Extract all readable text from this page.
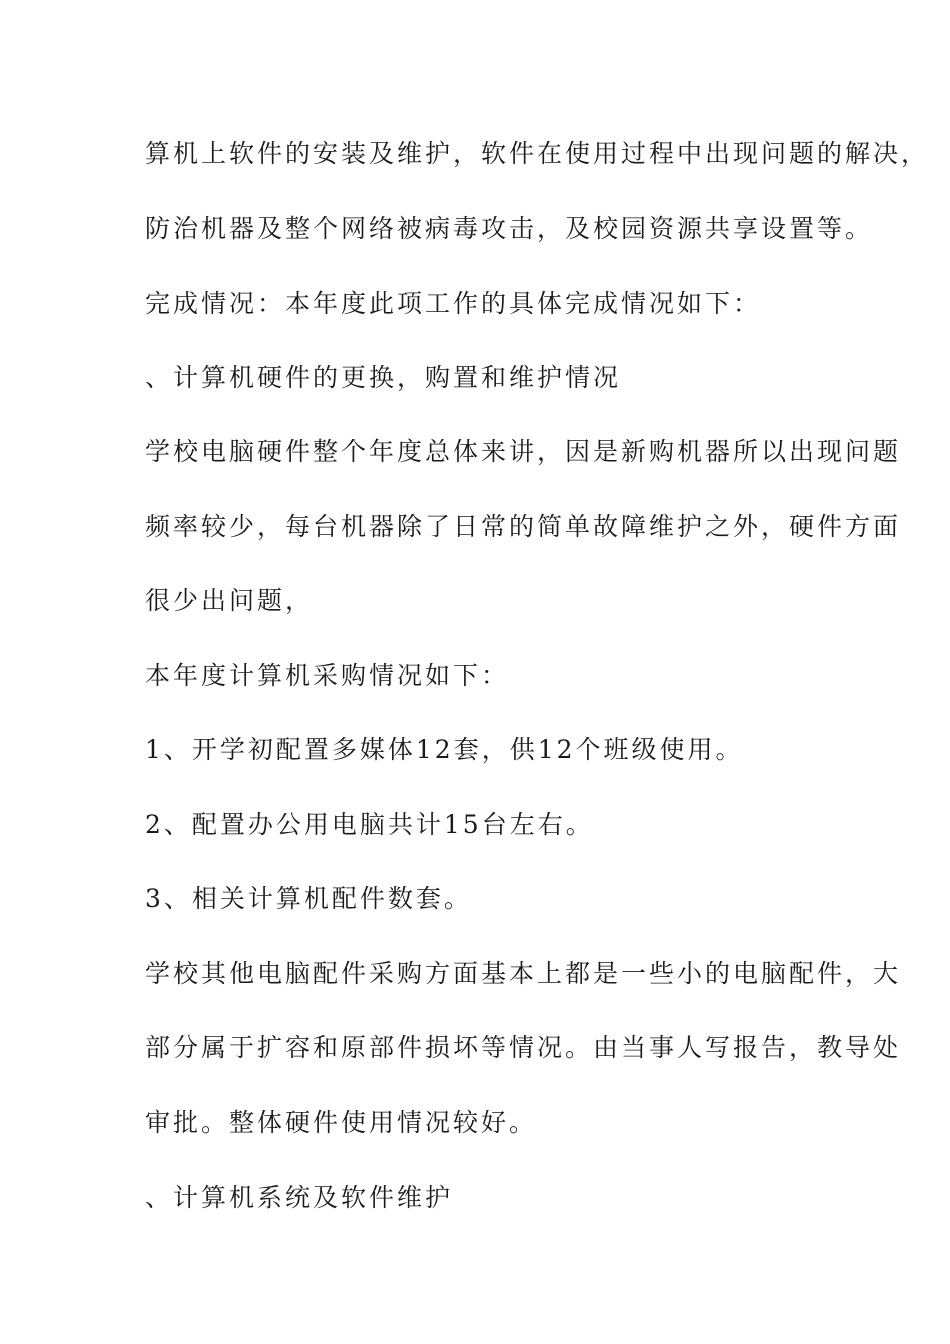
算机上软件的安装及维护，软件在使用过程中出现问题的解决，
防治机器及整个网络被病毒攻击，及校园资源共享设置等。
完成情况：本年度此项工作的具体完成情况如下：
、计算机硬件的更换，购置和维护情况
学校电脑硬件整个年度总体来讲，因是新购机器所以出现问题
频率较少，每台机器除了日常的简单故障维护之外，硬件方面
很少出问题，
本年度计算机采购情况如下：
1、开学初配置多媒体12套，供12个班级使用。
2、配置办公用电脑共计15台左右。
3、相关计算机配件数套。
学校其他电脑配件采购方面基本上都是一些小的电脑配件，大
部分属于扩容和原部件损坏等情况。由当事人写报告，教导处
审批。整体硬件使用情况较好。
、计算机系统及软件维护
